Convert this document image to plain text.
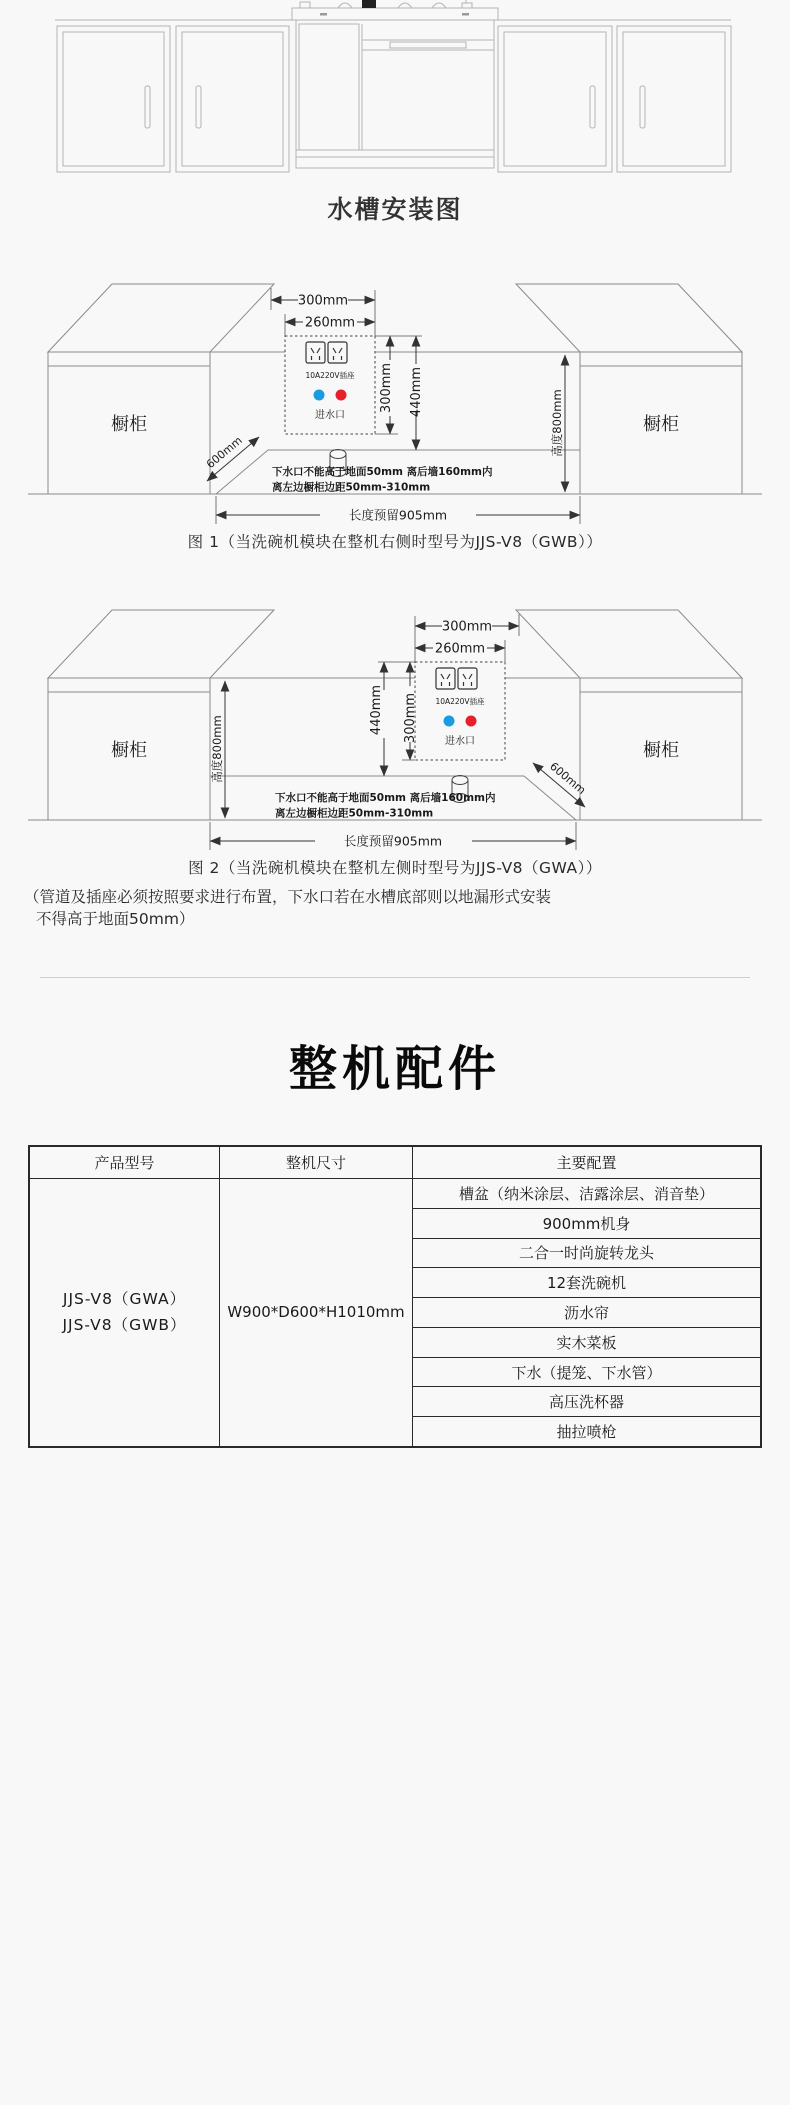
水槽安装图
橱柜	橱柜
10A220V插座
进水口
300mm
260mm
300mm 440mm	高度800mm
600mm
下水口不能高于地面50mm 离后墙160mm内
离左边橱柜边距50mm-310mm
长度预留905mm
图 1（当洗碗机模块在整机右侧时型号为JJS-V8（GWB））
橱柜	橱柜
10A220V插座
进水口
300mm
260mm
300mm
440mm
高度800mm	600mm
下水口不能高于地面50mm 离后墙160mm内
离左边橱柜边距50mm-310mm
长度预留905mm
图 2（当洗碗机模块在整机左侧时型号为JJS-V8（GWA））
（管道及插座必须按照要求进行布置，下水口若在水槽底部则以地漏形式安装
不得高于地面50mm）
整机配件
产品型号	整机尺寸	主要配置
JJS-V8（GWA）
JJS-V8（GWB）
W900*D600*H1010mm
槽盆（纳米涂层、洁露涂层、消音垫）
900mm机身
二合一时尚旋转龙头
12套洗碗机
沥水帘
实木菜板
下水（提笼、下水管）
高压洗杯器
抽拉喷枪
